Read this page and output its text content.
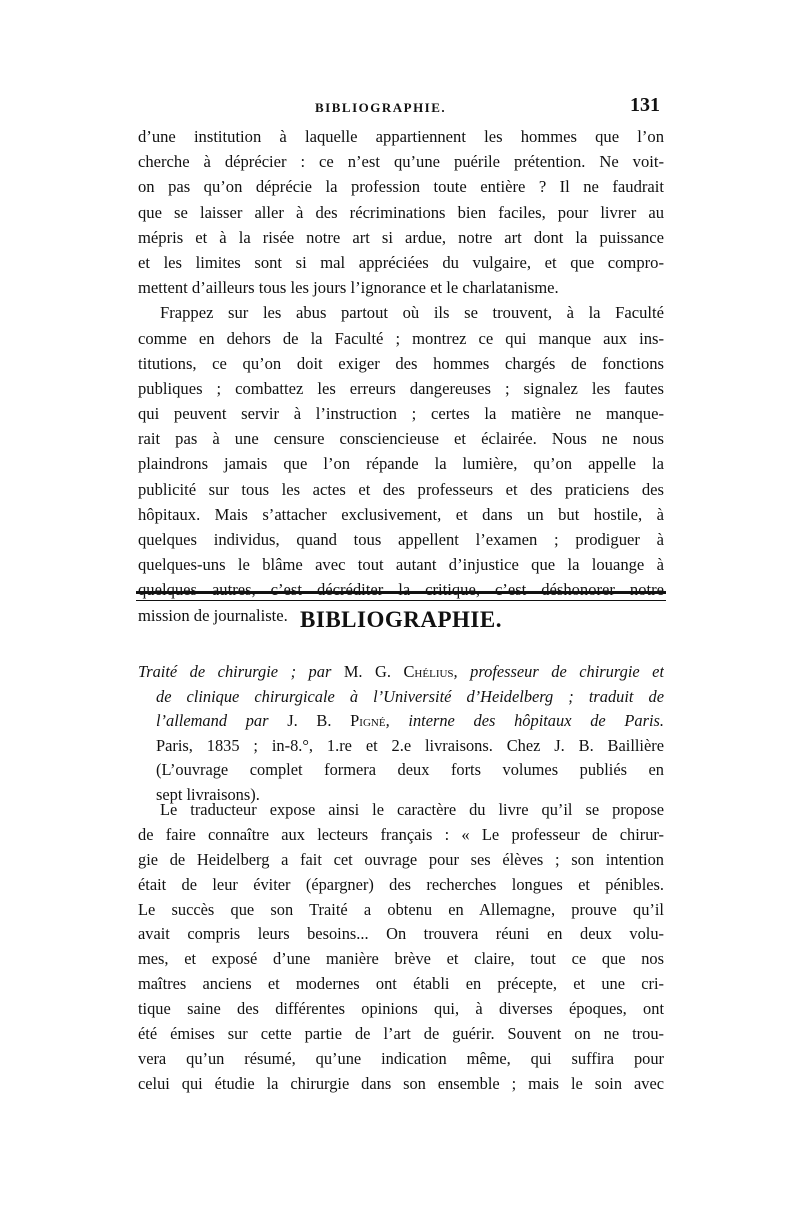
BIBLIOGRAPHIE.	131
d’une institution à laquelle appartiennent les hommes que l’on
cherche à déprécier : ce n’est qu’une puérile prétention. Ne voit-
on pas qu’on déprécie la profession toute entière ? Il ne faudrait
que se laisser aller à des récriminations bien faciles, pour livrer au
mépris et à la risée notre art si ardue, notre art dont la puissance
et les limites sont si mal appréciées du vulgaire, et que compro-
mettent d’ailleurs tous les jours l’ignorance et le charlatanisme.
Frappez sur les abus partout où ils se trouvent, à la Faculté
comme en dehors de la Faculté ; montrez ce qui manque aux ins-
titutions, ce qu’on doit exiger des hommes chargés de fonctions
publiques ; combattez les erreurs dangereuses ; signalez les fautes
qui peuvent servir à l’instruction ; certes la matière ne manque-
rait pas à une censure consciencieuse et éclairée. Nous ne nous
plaindrons jamais que l’on répande la lumière, qu’on appelle la
publicité sur tous les actes et des professeurs et des praticiens des
hôpitaux. Mais s’attacher exclusivement, et dans un but hostile, à
quelques individus, quand tous appellent l’examen ; prodiguer à
quelques-uns le blâme avec tout autant d’injustice que la louange à
quelques autres, c’est décréditer la critique, c’est déshonorer notre
mission de journaliste. BIBLIOGRAPHIE.
Traité de chirurgie ; par M. G. Chélius, professeur de chirurgie et
de clinique chirurgicale à l’Université d’Heidelberg ; traduit de
l’allemand par J. B. Pigné, interne des hôpitaux de Paris.
Paris, 1835 ; in-8.°, 1.re et 2.e livraisons. Chez J. B. Baillière
(L’ouvrage complet formera deux forts volumes publiés en
sept livraisons).
Le traducteur expose ainsi le caractère du livre qu’il se propose
de faire connaître aux lecteurs français : « Le professeur de chirur-
gie de Heidelberg a fait cet ouvrage pour ses élèves ; son intention
était de leur éviter (épargner) des recherches longues et pénibles.
Le succès que son Traité a obtenu en Allemagne, prouve qu’il
avait compris leurs besoins... On trouvera réuni en deux volu-
mes, et exposé d’une manière brève et claire, tout ce que nos
maîtres anciens et modernes ont établi en précepte, et une cri-
tique saine des différentes opinions qui, à diverses époques, ont
été émises sur cette partie de l’art de guérir. Souvent on ne trou-
vera qu’un résumé, qu’une indication même, qui suffira pour
celui qui étudie la chirurgie dans son ensemble ; mais le soin avec
